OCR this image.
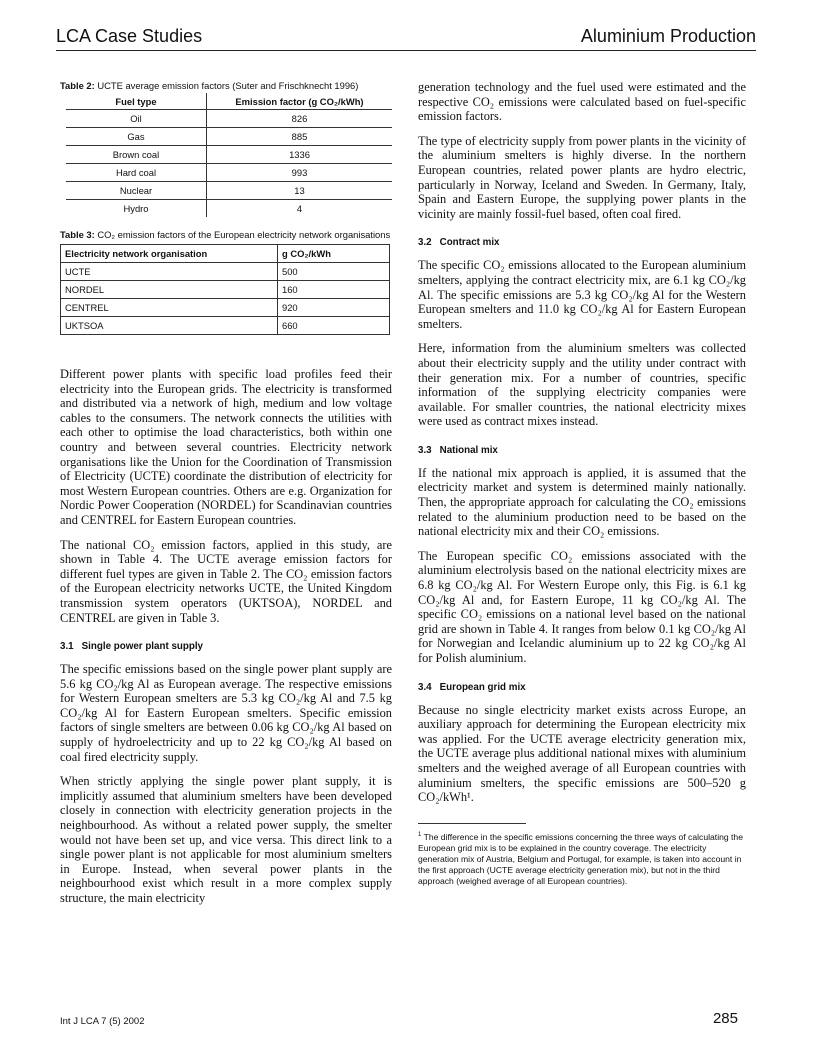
LCA Case Studies	Aluminium Production

Table 2: UCTE average emission factors (Suter and Frischknecht 1996)

Fuel type	Emission factor (g CO₂/kWh)
Oil	826
Gas	885
Brown coal	1336
Hard coal	993
Nuclear	13
Hydro	4

Table 3: CO₂ emission factors of the European electricity network organisations

Electricity network organisation	g CO₂/kWh
UCTE	500
NORDEL	160
CENTREL	920
UKTSOA	660

Different power plants with specific load profiles feed their electricity into the European grids. The electricity is transformed and distributed via a network of high, medium and low voltage cables to the consumers. The network connects the utilities with each other to optimise the load characteristics, both within one country and between several countries. Electricity network organisations like the Union for the Coordination of Transmission of Electricity (UCTE) coordinate the distribution of electricity for most Western European countries. Others are e.g. Organization for Nordic Power Cooperation (NORDEL) for Scandinavian countries and CENTREL for Eastern European countries.

The national CO₂ emission factors, applied in this study, are shown in Table 4. The UCTE average emission factors for different fuel types are given in Table 2. The CO₂ emission factors of the European electricity networks UCTE, the United Kingdom transmission system operators (UKTSOA), NORDEL and CENTREL are given in Table 3.

3.1 Single power plant supply

The specific emissions based on the single power plant supply are 5.6 kg CO₂/kg Al as European average. The respective emissions for Western European smelters are 5.3 kg CO₂/kg Al and 7.5 kg CO₂/kg Al for Eastern European smelters. Specific emission factors of single smelters are between 0.06 kg CO₂/kg Al based on supply of hydroelectricity and up to 22 kg CO₂/kg Al based on coal fired electricity supply.

When strictly applying the single power plant supply, it is implicitly assumed that aluminium smelters have been developed closely in connection with electricity generation projects in the neighbourhood. As without a related power supply, the smelter would not have been set up, and vice versa. This direct link to a single power plant is not applicable for most aluminium smelters in Europe. Instead, when several power plants in the neighbourhood exist which result in a more complex supply structure, the main electricity

generation technology and the fuel used were estimated and the respective CO₂ emissions were calculated based on fuel-specific emission factors.

The type of electricity supply from power plants in the vicinity of the aluminium smelters is highly diverse. In the northern European countries, related power plants are hydro electric, particularly in Norway, Iceland and Sweden. In Germany, Italy, Spain and Eastern Europe, the supplying power plants in the vicinity are mainly fossil-fuel based, often coal fired.

3.2 Contract mix

The specific CO₂ emissions allocated to the European aluminium smelters, applying the contract electricity mix, are 6.1 kg CO₂/kg Al. The specific emissions are 5.3 kg CO₂/kg Al for the Western European smelters and 11.0 kg CO₂/kg Al for Eastern European smelters.

Here, information from the aluminium smelters was collected about their electricity supply and the utility under contract with their generation mix. For a number of countries, specific information of the supplying electricity companies were available. For smaller countries, the national electricity mixes were used as contract mixes instead.

3.3 National mix

If the national mix approach is applied, it is assumed that the electricity market and system is determined mainly nationally. Then, the appropriate approach for calculating the CO₂ emissions related to the aluminium production need to be based on the national electricity mix and their CO₂ emissions.

The European specific CO₂ emissions associated with the aluminium electrolysis based on the national electricity mixes are 6.8 kg CO₂/kg Al. For Western Europe only, this Fig. is 6.1 kg CO₂/kg Al and, for Eastern Europe, 11 kg CO₂/kg Al. The specific CO₂ emissions on a national level based on the national grid are shown in Table 4. It ranges from below 0.1 kg CO₂/kg Al for Norwegian and Icelandic aluminium up to 22 kg CO₂/kg Al for Polish aluminium.

3.4 European grid mix

Because no single electricity market exists across Europe, an auxiliary approach for determining the European electricity mix was applied. For the UCTE average electricity generation mix, the UCTE average plus additional national mixes with aluminium smelters and the weighed average of all European countries with aluminium smelters, the specific emissions are 500–520 g CO₂/kWh¹.

$^1$ The difference in the specific emissions concerning the three ways of calculating the European grid mix is to be explained in the country coverage. The electricity generation mix of Austria, Belgium and Portugal, for example, is taken into account in the first approach (UCTE average electricity generation mix), but not in the third approach (weighed average of all European countries).

Int J LCA 7 (5) 2002	285
